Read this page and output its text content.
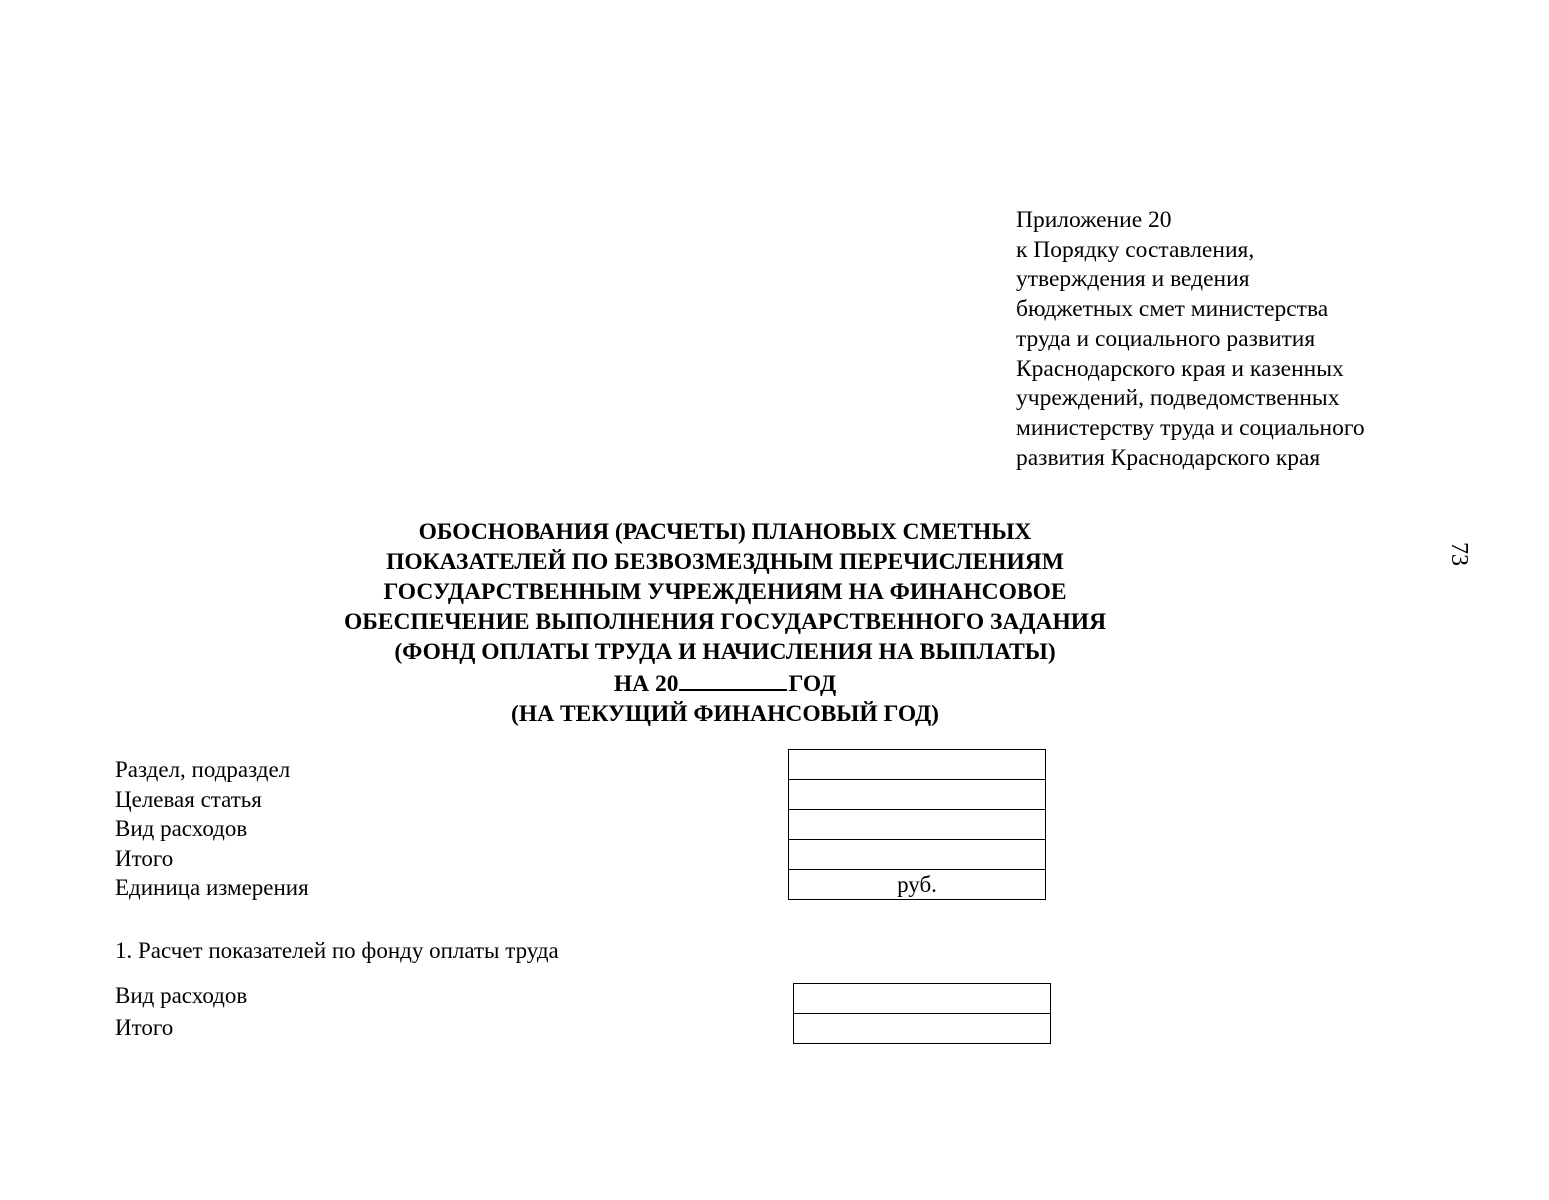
Приложение 20
к Порядку составления,
утверждения и ведения
бюджетных смет министерства
труда и социального развития
Краснодарского края и казенных
учреждений, подведомственных
министерству труда и социального
развития Краснодарского края
73
ОБОСНОВАНИЯ (РАСЧЕТЫ) ПЛАНОВЫХ СМЕТНЫХ
ПОКАЗАТЕЛЕЙ ПО БЕЗВОЗМЕЗДНЫМ ПЕРЕЧИСЛЕНИЯМ
ГОСУДАРСТВЕННЫМ УЧРЕЖДЕНИЯМ НА ФИНАНСОВОЕ
ОБЕСПЕЧЕНИЕ ВЫПОЛНЕНИЯ ГОСУДАРСТВЕННОГО ЗАДАНИЯ
(ФОНД ОПЛАТЫ ТРУДА И НАЧИСЛЕНИЯ НА ВЫПЛАТЫ)
НА 20	ГОД
(НА ТЕКУЩИЙ ФИНАНСОВЫЙ ГОД)
Раздел, подраздел
Целевая статья
Вид расходов
Итого
Единица измерения	руб.
1. Расчет показателей по фонду оплаты труда
Вид расходов
Итого
